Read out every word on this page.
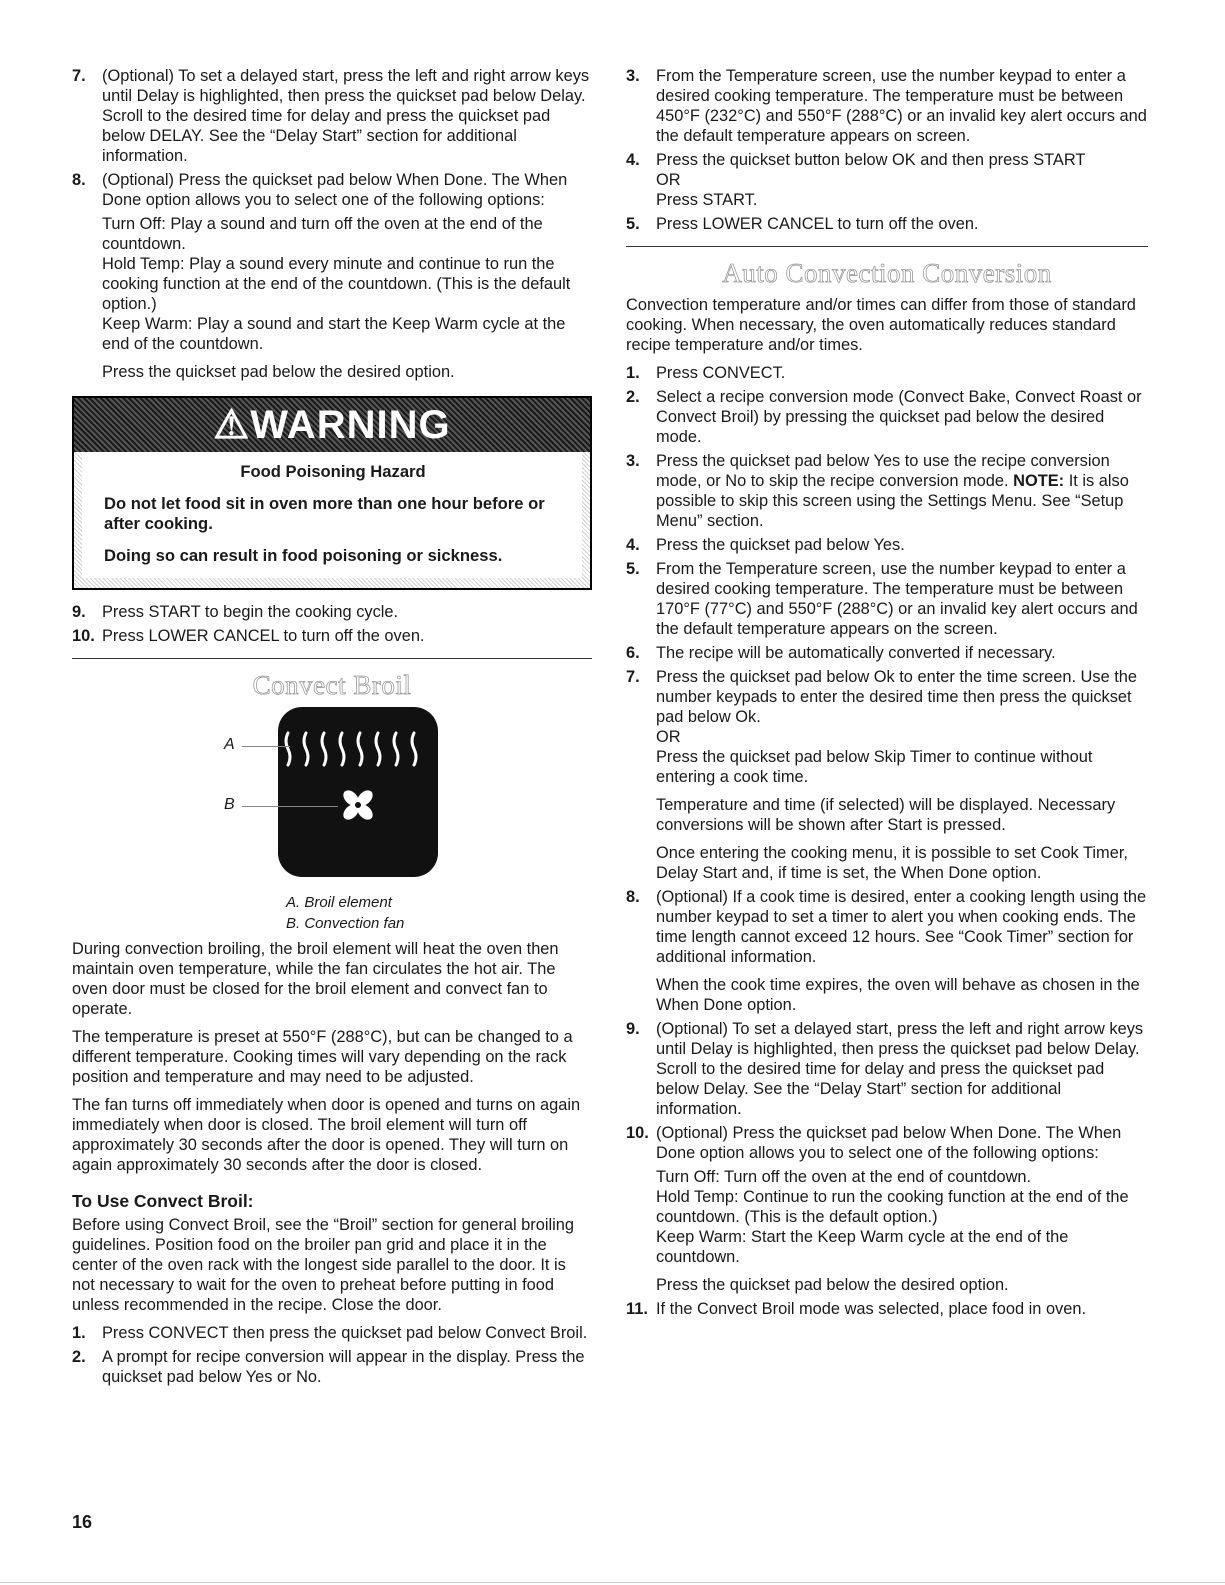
7. (Optional) To set a delayed start, press the left and right arrow keys until Delay is highlighted, then press the quickset pad below Delay. Scroll to the desired time for delay and press the quickset pad below DELAY. See the “Delay Start” section for additional information.
8. (Optional) Press the quickset pad below When Done. The When Done option allows you to select one of the following options:
Turn Off: Play a sound and turn off the oven at the end of the countdown.
Hold Temp: Play a sound every minute and continue to run the cooking function at the end of the countdown. (This is the default option.)
Keep Warm: Play a sound and start the Keep Warm cycle at the end of the countdown.
Press the quickset pad below the desired option.
⚠WARNING
Food Poisoning Hazard
Do not let food sit in oven more than one hour before or after cooking.
Doing so can result in food poisoning or sickness.
9. Press START to begin the cooking cycle.
10. Press LOWER CANCEL to turn off the oven.
Convect Broil
A
B
A. Broil element
B. Convection fan

During convection broiling, the broil element will heat the oven then maintain oven temperature, while the fan circulates the hot air. The oven door must be closed for the broil element and convect fan to operate.

The temperature is preset at 550°F (288°C), but can be changed to a different temperature. Cooking times will vary depending on the rack position and temperature and may need to be adjusted.

The fan turns off immediately when door is opened and turns on again immediately when door is closed. The broil element will turn off approximately 30 seconds after the door is opened. They will turn on again approximately 30 seconds after the door is closed.

To Use Convect Broil:

Before using Convect Broil, see the “Broil” section for general broiling guidelines. Position food on the broiler pan grid and place it in the center of the oven rack with the longest side parallel to the door. It is not necessary to wait for the oven to preheat before putting in food unless recommended in the recipe. Close the door.

1. Press CONVECT then press the quickset pad below Convect Broil.
2. A prompt for recipe conversion will appear in the display. Press the quickset pad below Yes or No.
3. From the Temperature screen, use the number keypad to enter a desired cooking temperature. The temperature must be between 450°F (232°C) and 550°F (288°C) or an invalid key alert occurs and the default temperature appears on screen.
4. Press the quickset button below OK and then press START
OR
Press START.
5. Press LOWER CANCEL to turn off the oven.
Auto Convection Conversion

Convection temperature and/or times can differ from those of standard cooking. When necessary, the oven automatically reduces standard recipe temperature and/or times.

1. Press CONVECT.
2. Select a recipe conversion mode (Convect Bake, Convect Roast or Convect Broil) by pressing the quickset pad below the desired mode.
3. Press the quickset pad below Yes to use the recipe conversion mode, or No to skip the recipe conversion mode. NOTE: It is also possible to skip this screen using the Settings Menu. See “Setup Menu” section.
4. Press the quickset pad below Yes.
5. From the Temperature screen, use the number keypad to enter a desired cooking temperature. The temperature must be between 170°F (77°C) and 550°F (288°C) or an invalid key alert occurs and the default temperature appears on the screen.
6. The recipe will be automatically converted if necessary.
7. Press the quickset pad below Ok to enter the time screen. Use the number keypads to enter the desired time then press the quickset pad below Ok.
OR
Press the quickset pad below Skip Timer to continue without entering a cook time.
Temperature and time (if selected) will be displayed. Necessary conversions will be shown after Start is pressed.
Once entering the cooking menu, it is possible to set Cook Timer, Delay Start and, if time is set, the When Done option.
8. (Optional) If a cook time is desired, enter a cooking length using the number keypad to set a timer to alert you when cooking ends. The time length cannot exceed 12 hours. See “Cook Timer” section for additional information.
When the cook time expires, the oven will behave as chosen in the When Done option.
9. (Optional) To set a delayed start, press the left and right arrow keys until Delay is highlighted, then press the quickset pad below Delay. Scroll to the desired time for delay and press the quickset pad below Delay. See the “Delay Start” section for additional information.
10. (Optional) Press the quickset pad below When Done. The When Done option allows you to select one of the following options:
Turn Off: Turn off the oven at the end of countdown.
Hold Temp: Continue to run the cooking function at the end of the countdown. (This is the default option.)
Keep Warm: Start the Keep Warm cycle at the end of the countdown.
Press the quickset pad below the desired option.
11. If the Convect Broil mode was selected, place food in oven.
16
